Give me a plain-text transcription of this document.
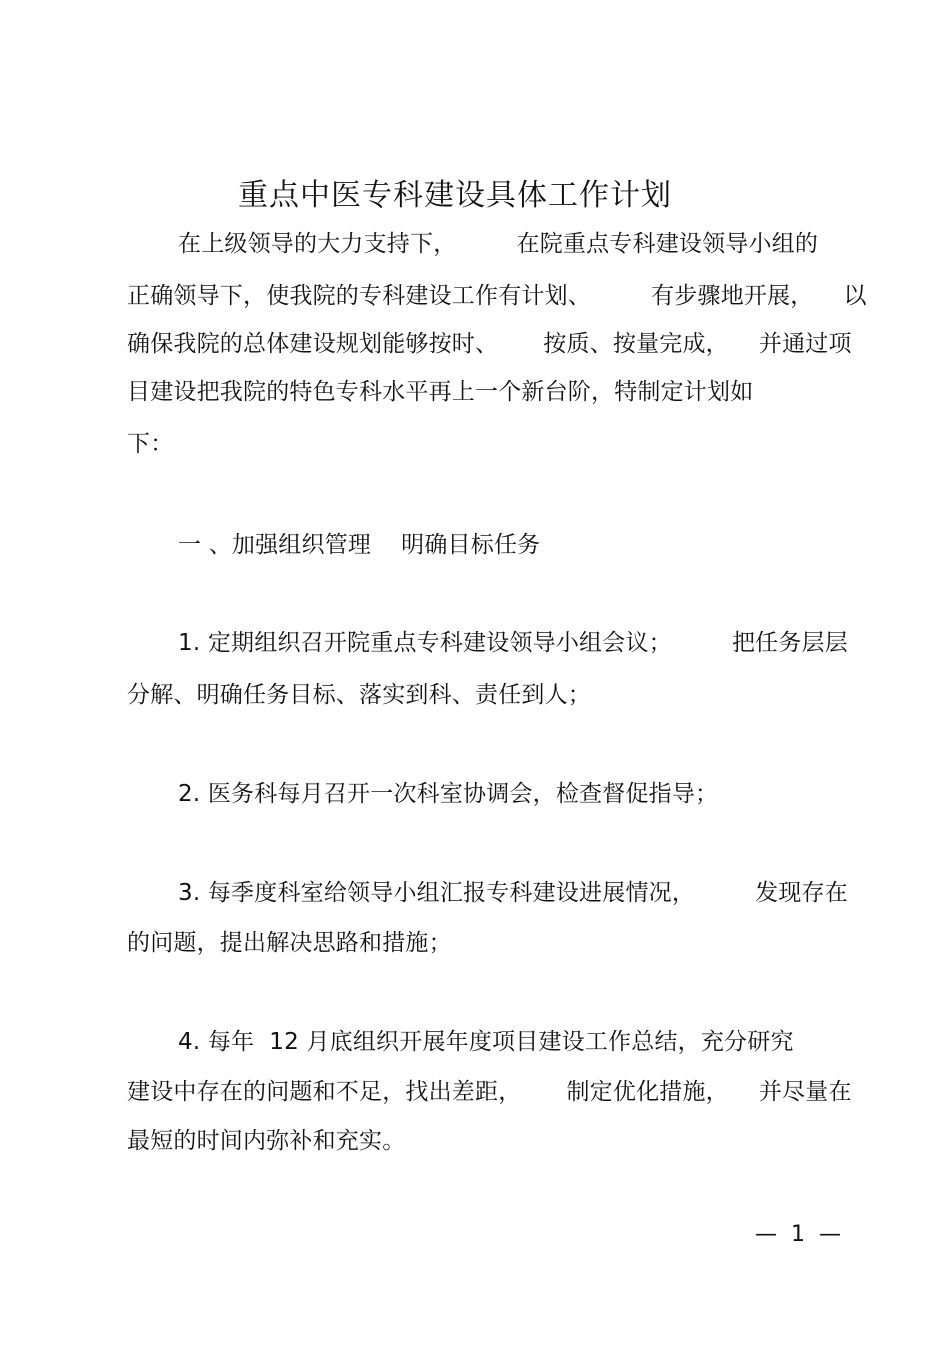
重点中医专科建设具体工作计划
在上级领导的大力支持下，        在院重点专科建设领导小组的
正确领导下，使我院的专科建设工作有计划、        有步骤地开展，    以
确保我院的总体建设规划能够按时、      按质、按量完成，    并通过项
目建设把我院的特色专科水平再上一个新台阶，特制定计划如
下：
一 、加强组织管理    明确目标任务
1. 定期组织召开院重点专科建设领导小组会议；        把任务层层
分解、明确任务目标、落实到科、责任到人；
2. 医务科每月召开一次科室协调会，检查督促指导；
3. 每季度科室给领导小组汇报专科建设进展情况，        发现存在
的问题，提出解决思路和措施；
4. 每年  12 月底组织开展年度项目建设工作总结，充分研究
建设中存在的问题和不足，找出差距，      制定优化措施，    并尽量在
最短的时间内弥补和充实。
—  1  —
